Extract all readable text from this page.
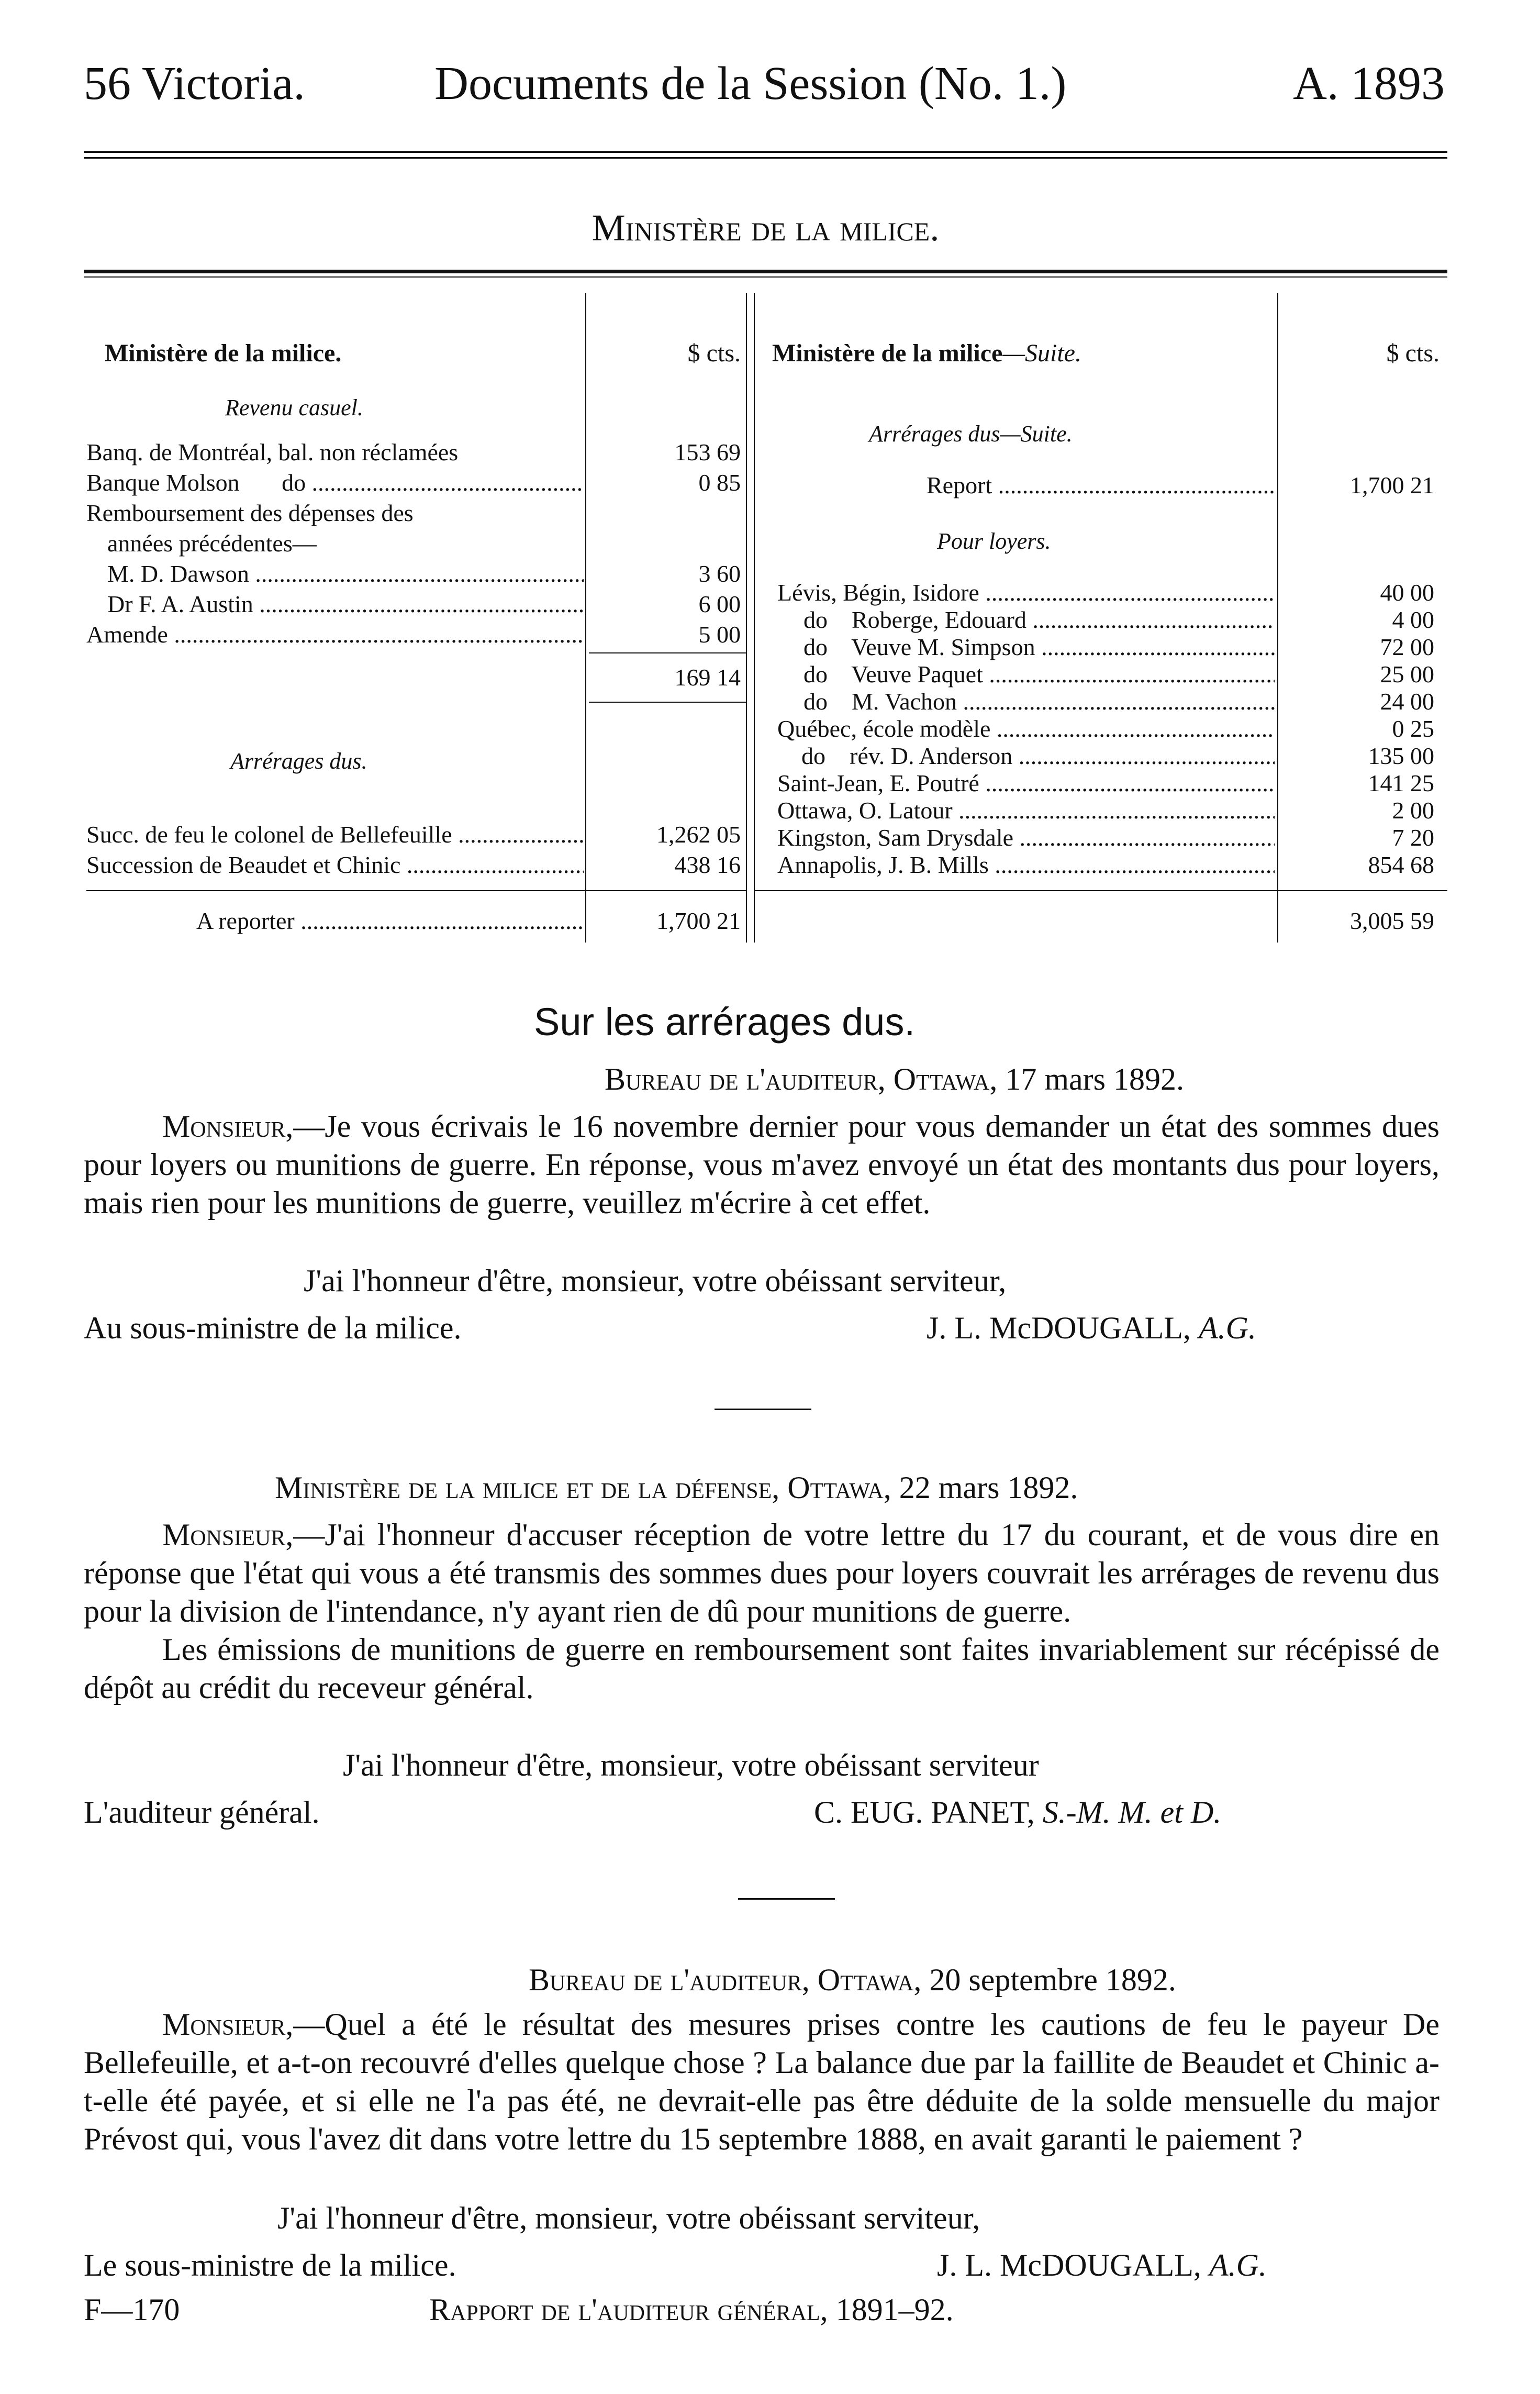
56 Victoria.	Documents de la Session (No. 1.)	A. 1893
Ministère de la milice.
Ministère de la milice.	$ cts.
Revenu casuel.
Banq. de Montréal, bal. non réclamées	153 69
Banque Molson       do .....	0 85
Remboursement des dépenses des
années précédentes—
M. D. Dawson .....	3 60
Dr F. A. Austin .....	6 00
Amende .....	5 00
169 14
Arrérages dus.
Succ. de feu le colonel de Bellefeuille .....	1,262 05
Succession de Beaudet et Chinic .....	438 16
A reporter .....	1,700 21
Ministère de la milice—Suite.	$ cts.
Arrérages dus—Suite.
Report .....	1,700 21
Pour loyers.
Lévis, Bégin, Isidore .....	40 00
do    Roberge, Edouard .....	4 00
do    Veuve M. Simpson .....	72 00
do    Veuve Paquet .....	25 00
do    M. Vachon .....	24 00
Québec, école modèle .....	0 25
do    rév. D. Anderson .....	135 00
Saint-Jean, E. Poutré .....	141 25
Ottawa, O. Latour .....	2 00
Kingston, Sam Drysdale .....	7 20
Annapolis, J. B. Mills .....	854 68
3,005 59
Sur les arrérages dus.
Bureau de l'auditeur, Ottawa, 17 mars 1892.

Monsieur,—Je vous écrivais le 16 novembre dernier pour vous demander un état des sommes dues pour loyers ou munitions de guerre. En réponse, vous m'avez envoyé un état des montants dus pour loyers, mais rien pour les munitions de guerre, veuillez m'écrire à cet effet.

J'ai l'honneur d'être, monsieur, votre obéissant serviteur,
Au sous-ministre de la milice.	J. L. McDOUGALL, A.G.
Ministère de la milice et de la défense, Ottawa, 22 mars 1892.

Monsieur,—J'ai l'honneur d'accuser réception de votre lettre du 17 du courant, et de vous dire en réponse que l'état qui vous a été transmis des sommes dues pour loyers couvrait les arrérages de revenu dus pour la division de l'intendance, n'y ayant rien de dû pour munitions de guerre.

Les émissions de munitions de guerre en remboursement sont faites invariablement sur récépissé de dépôt au crédit du receveur général.

J'ai l'honneur d'être, monsieur, votre obéissant serviteur
L'auditeur général.	C. EUG. PANET, S.-M. M. et D.
Bureau de l'auditeur, Ottawa, 20 septembre 1892.

Monsieur,—Quel a été le résultat des mesures prises contre les cautions de feu le payeur De Bellefeuille, et a-t-on recouvré d'elles quelque chose ? La balance due par la faillite de Beaudet et Chinic a-t-elle été payée, et si elle ne l'a pas été, ne devrait-elle pas être déduite de la solde mensuelle du major Prévost qui, vous l'avez dit dans votre lettre du 15 septembre 1888, en avait garanti le paiement ?

J'ai l'honneur d'être, monsieur, votre obéissant serviteur,
Le sous-ministre de la milice.	J. L. McDOUGALL, A.G.
F—170	Rapport de l'auditeur général, 1891–92.
